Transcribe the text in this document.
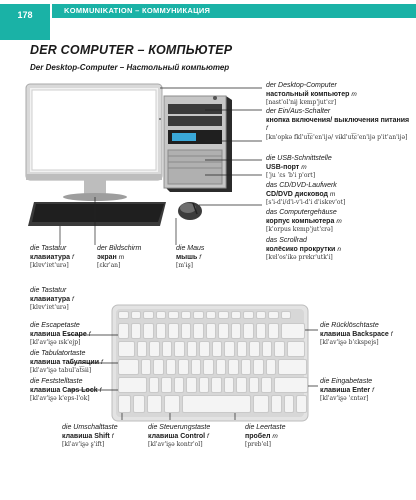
178	KOMMUNIKATION – КОММУНИКАЦИЯ
DER COMPUTER – КОМПЬЮТЕР
Der Desktop-Computer – Настольный компьютер
der Desktop-Computer
настольный компьютер m
[nast'ol'nɨj kɐmp'jut'ɛr]
der Ein/Aus-Schalter
кнопка включения/ выключения питания f
[kn'opkə fkl'ut͡ɕ'en'ijə/ vɨkl'ut͡ɕ'en'ijə p'it'an'ijə]
die USB-Schnittstelle
USB-порт m
[ˈju ˈɛs ˈb'i p'ort]
das CD/DVD-Laufwerk
CD/DVD дисковод m
[s'i-d'i/d'i-v'i-d'i d'iskɐv'ot]
das Computergehäuse
корпус компьютера m
[k'orpus kɐmp'jut'ɛrə]
das Scrollrad
колёсико прокрутки n
[kɐl'os'ikə prɐkr'utk'i]
die Tastatur
клавиатура f
[klɐv'iɐt'urə]
der Bildschirm
экран m
[ɛkr'an]
die Maus
мышь f
[m'ɨʂ]
die Tastatur
клавиатура f
[klɐv'iɐt'urə]
die Escapetaste
клавиша Escape f
[kl'av'iʂə ɪsk'ejp]
die Tabulatortaste
клавиша табуляции f
[kl'av'iʂə tabul'at͡sɨi]
die Feststelltaste
клавиша Caps Lock f
[kl'av'iʂə k'eps-l'ok]
die Umschalttaste
клавиша Shift f
[kl'av'iʂə ʂ'ift]
die Steuerungstaste
клавиша Control f
[kl'av'iʂə kontr'ol]
die Leertaste
пробел m
[prɐb'el]
die Rücklöschtaste
клавиша Backspace f
[kl'av'iʂə b'ɛkspejs]
die Eingabetaste
клавиша Enter f
[kl'av'iʂə 'ɛntər]
